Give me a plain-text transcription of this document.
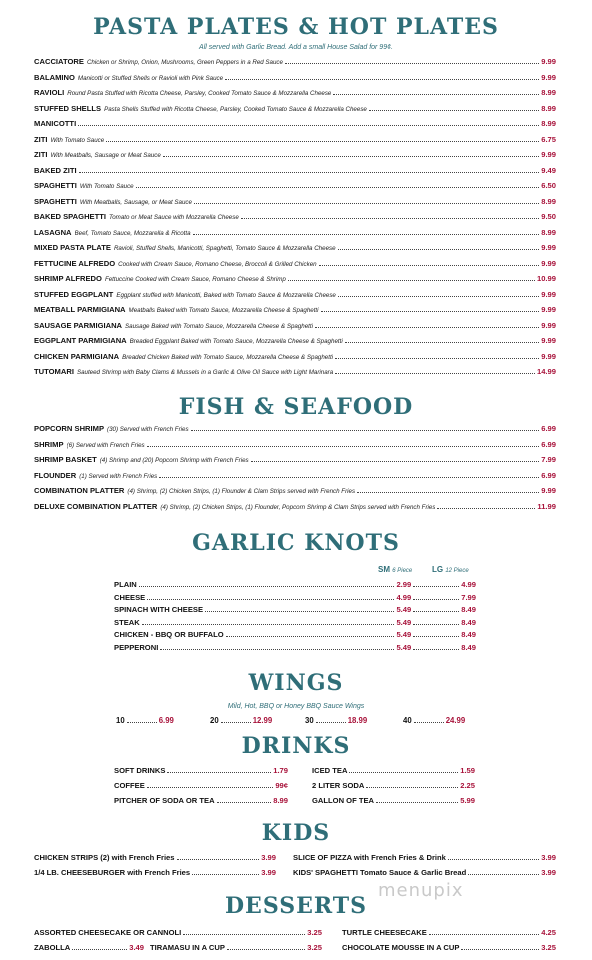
PASTA PLATES & HOT PLATES
All served with Garlic Bread. Add a small House Salad for 99¢.
CACCIATORE Chicken or Shrimp, Onion, Mushrooms, Green Peppers in a Red Sauce	9.99
BALAMINO Manicotti or Stuffed Shells or Ravioli with Pink Sauce	9.99
RAVIOLI Round Pasta Stuffed with Ricotta Cheese, Parsley, Cooked Tomato Sauce & Mozzarella Cheese	8.99
STUFFED SHELLS Pasta Shells Stuffed with Ricotta Cheese, Parsley, Cooked Tomato Sauce & Mozzarella Cheese	8.99
MANICOTTI	8.99
ZITI With Tomato Sauce	6.75
ZITI With Meatballs, Sausage or Meat Sauce	9.99
BAKED ZITI	9.49
SPAGHETTI With Tomato Sauce	6.50
SPAGHETTI With Meatballs, Sausage, or Meat Sauce	8.99
BAKED SPAGHETTI Tomato or Meat Sauce with Mozzarella Cheese	9.50
LASAGNA Beef, Tomato Sauce, Mozzarella & Ricotta	8.99
MIXED PASTA PLATE Ravioli, Stuffed Shells, Manicotti, Spaghetti, Tomato Sauce & Mozzarella Cheese	9.99
FETTUCINE ALFREDO Cooked with Cream Sauce, Romano Cheese, Broccoli & Grilled Chicken	9.99
SHRIMP ALFREDO Fettuccine Cooked with Cream Sauce, Romano Cheese & Shrimp	10.99
STUFFED EGGPLANT Eggplant stuffed with Manicotti, Baked with Tomato Sauce & Mozzarella Cheese	9.99
MEATBALL PARMIGIANA Meatballs Baked with Tomato Sauce, Mozzarella Cheese & Spaghetti	9.99
SAUSAGE PARMIGIANA Sausage Baked with Tomato Sauce, Mozzarella Cheese & Spaghetti	9.99
EGGPLANT PARMIGIANA Breaded Eggplant Baked with Tomato Sauce, Mozzarella Cheese & Spaghetti	9.99
CHICKEN PARMIGIANA Breaded Chicken Baked with Tomato Sauce, Mozzarella Cheese & Spaghetti	9.99
TUTOMARI Sauteed Shrimp with Baby Clams & Mussels in a Garlic & Olive Oil Sauce with Light Marinara	14.99
FISH & SEAFOOD
POPCORN SHRIMP (30) Served with French Fries	6.99
SHRIMP (6) Served with French Fries	6.99
SHRIMP BASKET (4) Shrimp and (20) Popcorn Shrimp with French Fries	7.99
FLOUNDER (1) Served with French Fries	6.99
COMBINATION PLATTER (4) Shrimp, (2) Chicken Strips, (1) Flounder & Clam Strips served with French Fries	9.99
DELUXE COMBINATION PLATTER (4) Shrimp, (2) Chicken Strips, (1) Flounder, Popcorn Shrimp & Clam Strips served with French Fries	11.99
GARLIC KNOTS
SM 6 Piece LG 12 Piece
PLAIN	2.99	4.99
CHEESE	4.99	7.99
SPINACH WITH CHEESE	5.49	8.49
STEAK	5.49	8.49
CHICKEN - BBQ OR BUFFALO	5.49	8.49
PEPPERONI	5.49	8.49
WINGS
Mild, Hot, BBQ or Honey BBQ Sauce Wings
10	6.99	20	12.99	30	18.99	40	24.99
DRINKS
SOFT DRINKS	1.79
COFFEE	99¢
PITCHER OF SODA OR TEA	8.99
ICED TEA	1.59
2 LITER SODA	2.25
GALLON OF TEA	5.99
KIDS
CHICKEN STRIPS (2) with French Fries	3.99
1/4 LB. CHEESEBURGER with French Fries	3.99
SLICE OF PIZZA with French Fries & Drink	3.99
KIDS' SPAGHETTI Tomato Sauce & Garlic Bread	3.99
DESSERTS
ASSORTED CHEESECAKE OR CANNOLI	3.25	TURTLE CHEESECAKE	4.25
ZABOLLA	3.49 TIRAMASU IN A CUP	3.25	CHOCOLATE MOUSSE IN A CUP	3.25
menupix
